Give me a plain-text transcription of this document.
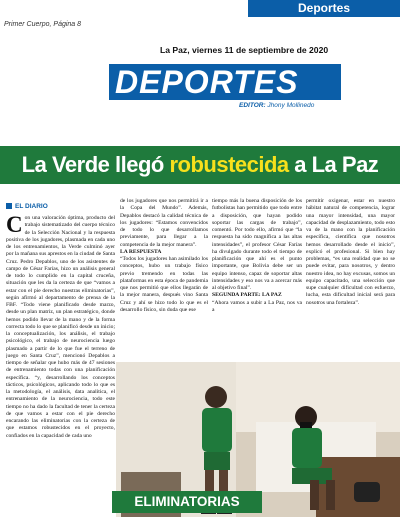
Deportes
Primer Cuerpo, Página 8
La Paz, viernes 11 de septiembre de 2020
DEPORTES
EDITOR: Jhony Mollinedo
La Verde llegó robustecida a La Paz
EL DIARIO
Con una valoración óptima, producto del trabajo sistematizado del cuerpo técnico de la Selección Nacional y la respuesta positiva de los jugadores, plasmada en cada uno de los entrenamientos, la Verde culminó ayer por la mañana sus aprestos en la ciudad de Santa Cruz. Pedro Depablos, uno de los asistentes de campo de César Farías, hizo un análisis general de todo lo cumplido en la capital cruceña, situación que les da la certeza de que “vamos a estar con el pie derecho nuestras eliminatorias”, según afirmó al departamento de prensa de la FBF. “Todo viene planificado desde marzo, desde un plan matriz, un plan estratégico, donde hemos podido llevar de la mano y de la forma correcta todo lo que se planificó desde un inicio; la conceptualización, los análisis, el trabajo psicológico, el trabajo de neurociencia luego plasmado a partir de lo que fue el terreno de juego en Santa Cruz”, mencionó Depablos a tiempo de señalar que hubo más de 47 sesiones de entrenamiento todas con una planificación específica. “y, desarrollando los conceptos tácticos, psicológicos, aplicando todo lo que es la metodología, el análisis, data analítica, el entrenamiento de la neurociencia, todo este tiempo no ha dado la facultad de tener la certeza de que vamos a estar con el pie derecho encarando las eliminatorias con la certeza de que estamos robustecidos en el proyecto, confiados en la capacidad de cada uno
de los jugadores que nos permitirá ir a la Copa del Mundo”. Además, Depablos destacó la calidad técnica de los jugadores: “Estamos convencidos de todo lo que desarrollamos previamente, para llegar a la competencia de la mejor manera”.
LA RESPUESTA
“Todos los jugadores han asimilado los conceptos, hubo un trabajo físico previo tremendo en todas las plataformas en esta época de pandemia que nos permitió que ellos llegarán de la mejor manera, después vino Santa Cruz y ahí se hizo todo lo que es el desarrollo físico, sin duda que ese
tiempo más la buena disposición de los futbolistas han permitido que todo entre a disposición, que hayan podido soportar las cargas de trabajo”, comentó. Por todo ello, afirmó que “la respuesta ha sido magnífica a las altas intensidades”, el profesor César Farías ha divulgado durante todo el tiempo de planificación que ahí es el punto importante, que Bolivia debe ser un equipo intenso, capaz de soportar altas intensidades y eso nos va a acercar más al objetivo final”.
SEGUNDA PARTE: LA PAZ
“Ahora vamos a subir a La Paz, nos va a
permitir oxigenar, estar en nuestro hábitat natural de competencia, lograr una mayor intensidad, una mayor capacidad de desplazamiento, todo esto va de la mano con la planificación específica, cientifica que nosotros hemos desarrollado desde el inicio”, explicó el profesional. Si bien hay problemas, “es una realidad que no se puede evitar, para nosotros, y dentro nuestro idea, no hay excusas, somos un equipo capacitado, una selección que supe cualquier dificultad con esfuerzo, lucha, esta dificultad inicial será para nosotros una fortaleza”.
ELIMINATORIAS
